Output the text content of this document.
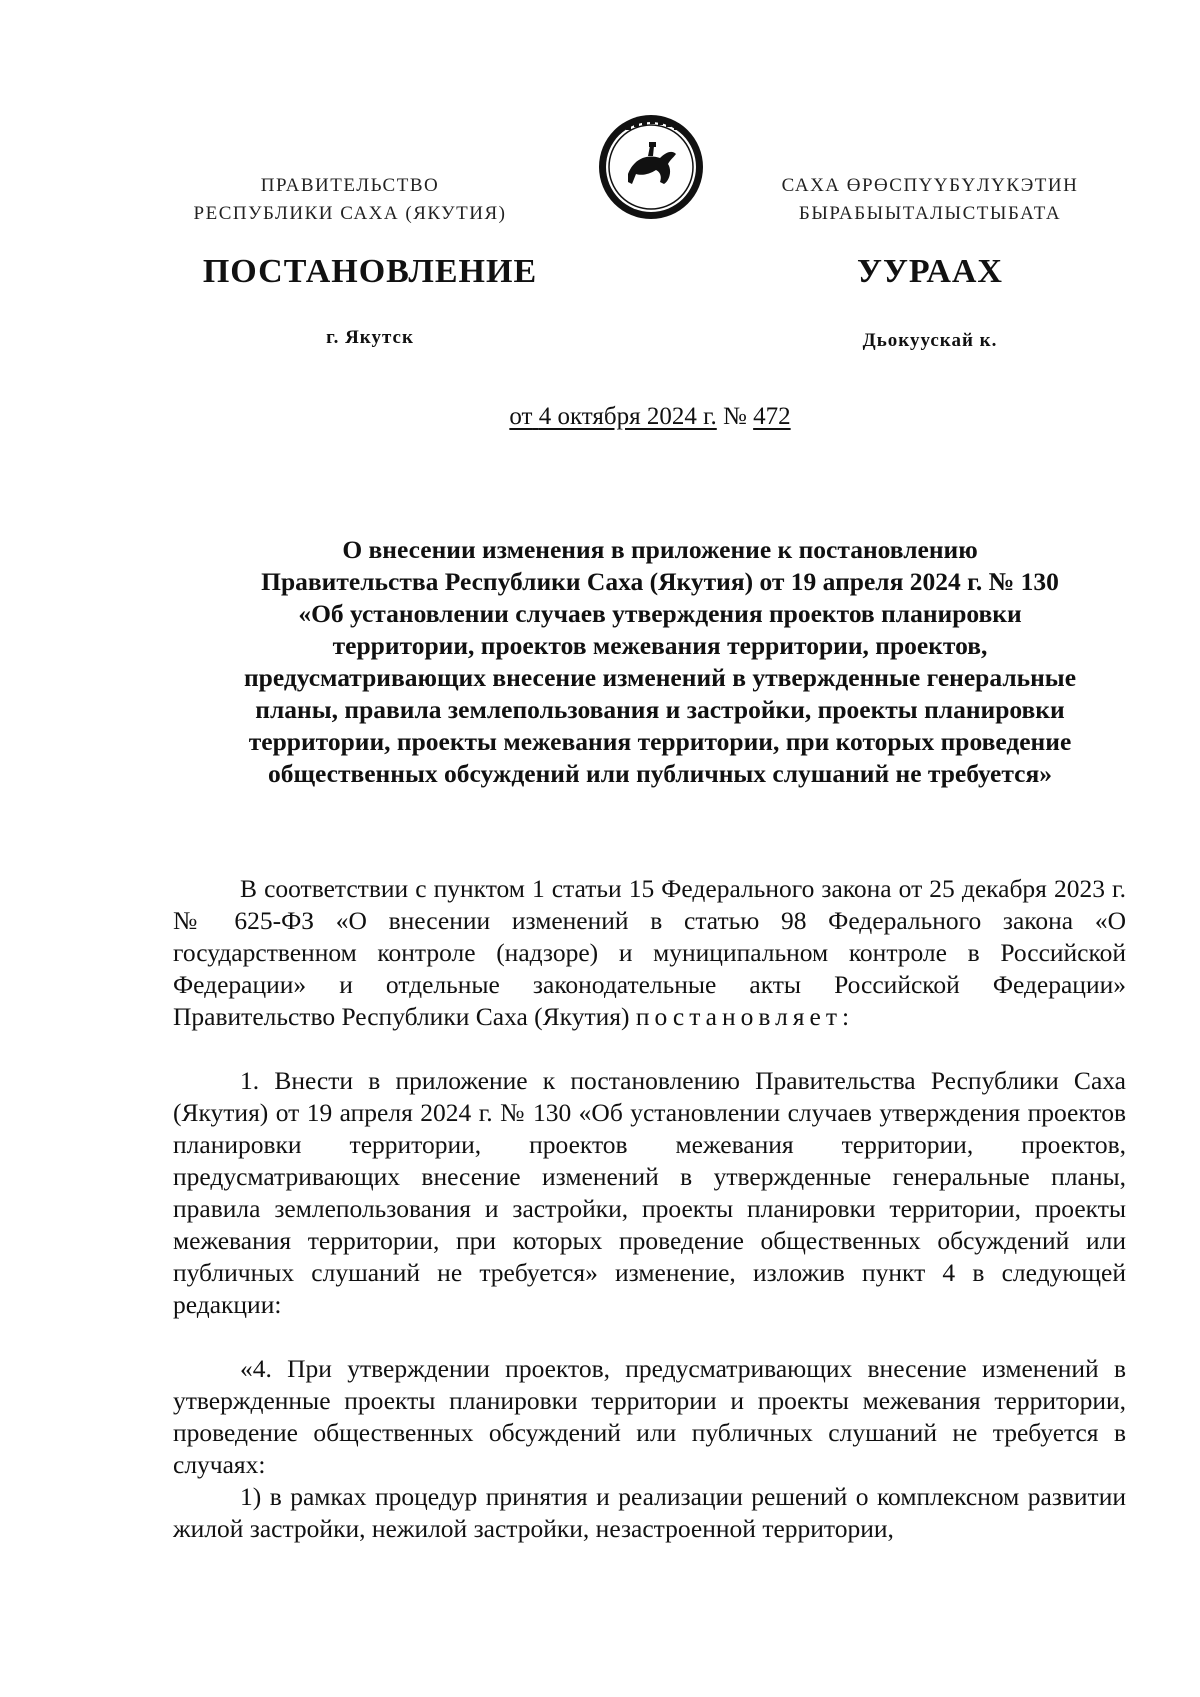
ПРАВИТЕЛЬСТВО
РЕСПУБЛИКИ САХА (ЯКУТИЯ)
САХА ӨРӨСПҮҮБҮЛҮКЭТИН
БЫРАБЫЫТАЛЫСТЫБАТА
ПОСТАНОВЛЕНИЕ	УУРААХ
г. Якутск	Дьокуускай к.
от 4 октября 2024 г. № 472
О внесении изменения в приложение к постановлению
Правительства Республики Саха (Якутия) от 19 апреля 2024 г. № 130
«Об установлении случаев утверждения проектов планировки
территории, проектов межевания территории, проектов,
предусматривающих внесение изменений в утвержденные генеральные
планы, правила землепользования и застройки, проекты планировки
территории, проекты межевания территории, при которых проведение
общественных обсуждений или публичных слушаний не требуется»

В соответствии с пунктом 1 статьи 15 Федерального закона от 25 декабря 2023 г. № 625-ФЗ «О внесении изменений в статью 98 Федерального закона «О государственном контроле (надзоре) и муниципальном контроле в Российской Федерации» и отдельные законодательные акты Российской Федерации» Правительство Республики Саха (Якутия) постановляет:

1. Внести в приложение к постановлению Правительства Республики Саха (Якутия) от 19 апреля 2024 г. № 130 «Об установлении случаев утверждения проектов планировки территории, проектов межевания территории, проектов, предусматривающих внесение изменений в утвержденные генеральные планы, правила землепользования и застройки, проекты планировки территории, проекты межевания территории, при которых проведение общественных обсуждений или публичных слушаний не требуется» изменение, изложив пункт 4 в следующей редакции:

«4. При утверждении проектов, предусматривающих внесение изменений в утвержденные проекты планировки территории и проекты межевания территории, проведение общественных обсуждений или публичных слушаний не требуется в случаях:

1) в рамках процедур принятия и реализации решений о комплексном развитии жилой застройки, нежилой застройки, незастроенной территории,
